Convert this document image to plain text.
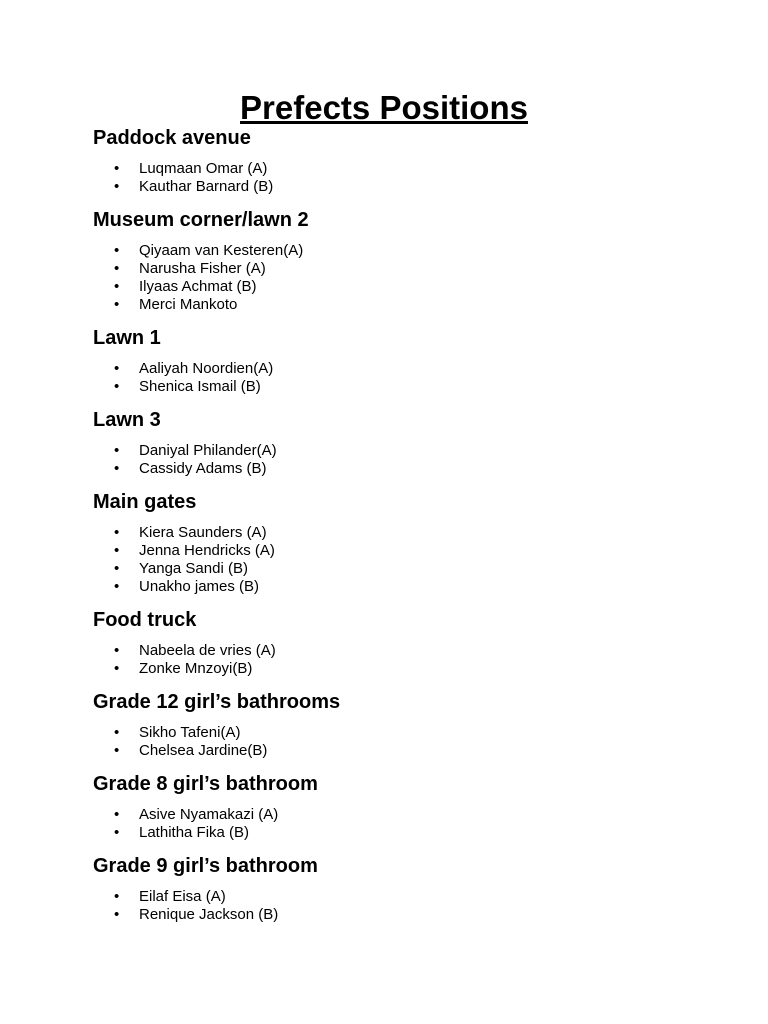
Prefects Positions
Paddock avenue
• Luqmaan Omar (A)
• Kauthar Barnard (B)
Museum corner/lawn 2
• Qiyaam van Kesteren(A)
• Narusha Fisher (A)
• Ilyaas Achmat (B)
• Merci Mankoto
Lawn 1
• Aaliyah Noordien(A)
• Shenica Ismail (B)
Lawn 3
• Daniyal Philander(A)
• Cassidy Adams (B)
Main gates
• Kiera Saunders (A)
• Jenna Hendricks (A)
• Yanga Sandi (B)
• Unakho james (B)
Food truck
• Nabeela de vries (A)
• Zonke Mnzoyi(B)
Grade 12 girl’s bathrooms
• Sikho Tafeni(A)
• Chelsea Jardine(B)
Grade 8 girl’s bathroom
• Asive Nyamakazi (A)
• Lathitha Fika (B)
Grade 9 girl’s bathroom
• Eilaf Eisa (A)
• Renique Jackson (B)
